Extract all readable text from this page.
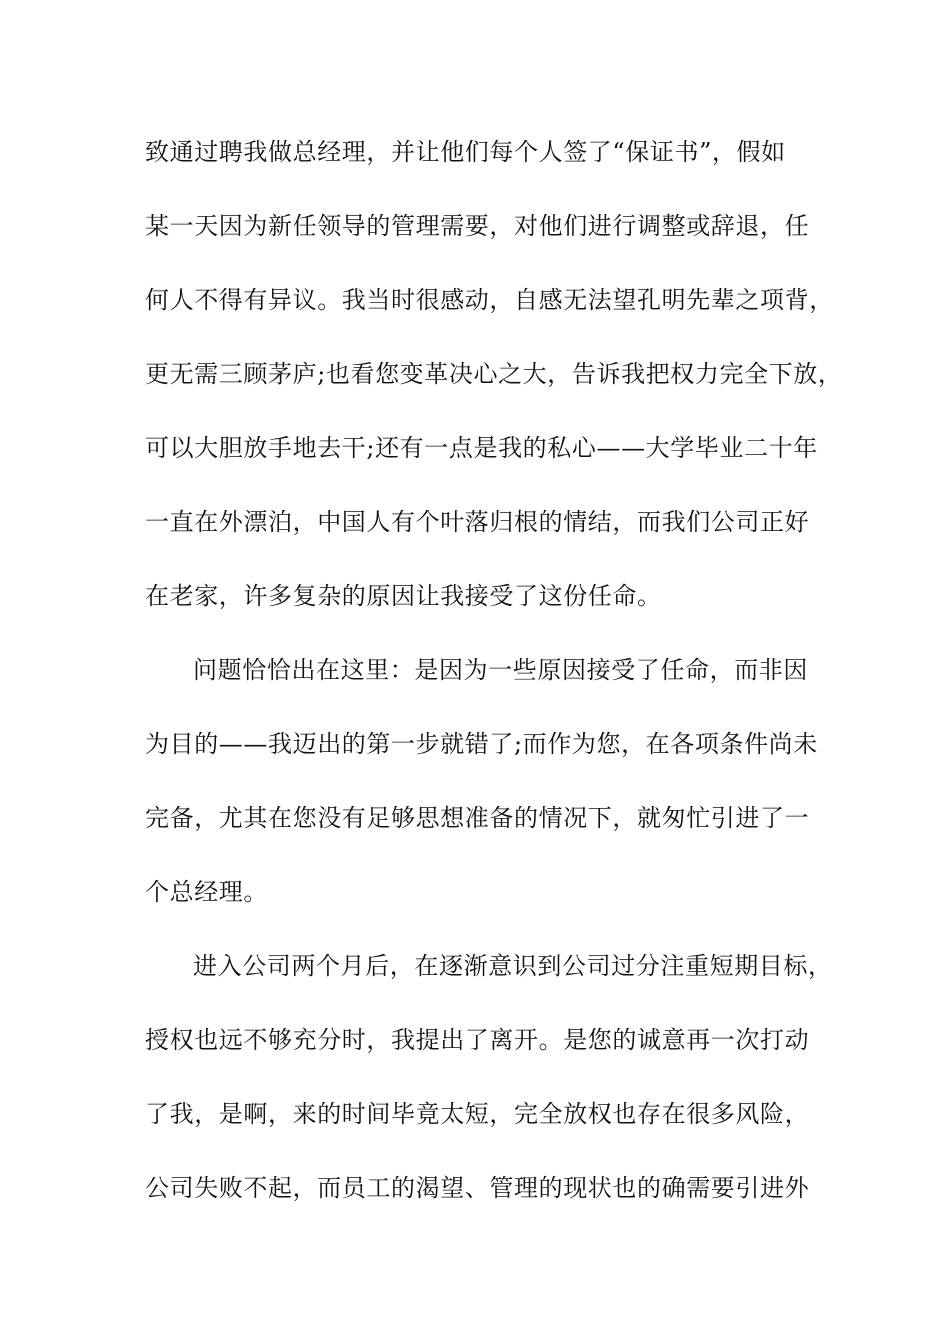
致通过聘我做总经理，并让他们每个人签了“保证书”，假如
某一天因为新任领导的管理需要，对他们进行调整或辞退，任
何人不得有异议。我当时很感动，自感无法望孔明先辈之项背，
更无需三顾茅庐;也看您变革决心之大，告诉我把权力完全下放，
可以大胆放手地去干;还有一点是我的私心——大学毕业二十年
一直在外漂泊，中国人有个叶落归根的情结，而我们公司正好
在老家，许多复杂的原因让我接受了这份任命。
问题恰恰出在这里：是因为一些原因接受了任命，而非因
为目的——我迈出的第一步就错了;而作为您，在各项条件尚未
完备，尤其在您没有足够思想准备的情况下，就匆忙引进了一
个总经理。
进入公司两个月后，在逐渐意识到公司过分注重短期目标，
授权也远不够充分时，我提出了离开。是您的诚意再一次打动
了我，是啊，来的时间毕竟太短，完全放权也存在很多风险，
公司失败不起，而员工的渴望、管理的现状也的确需要引进外
